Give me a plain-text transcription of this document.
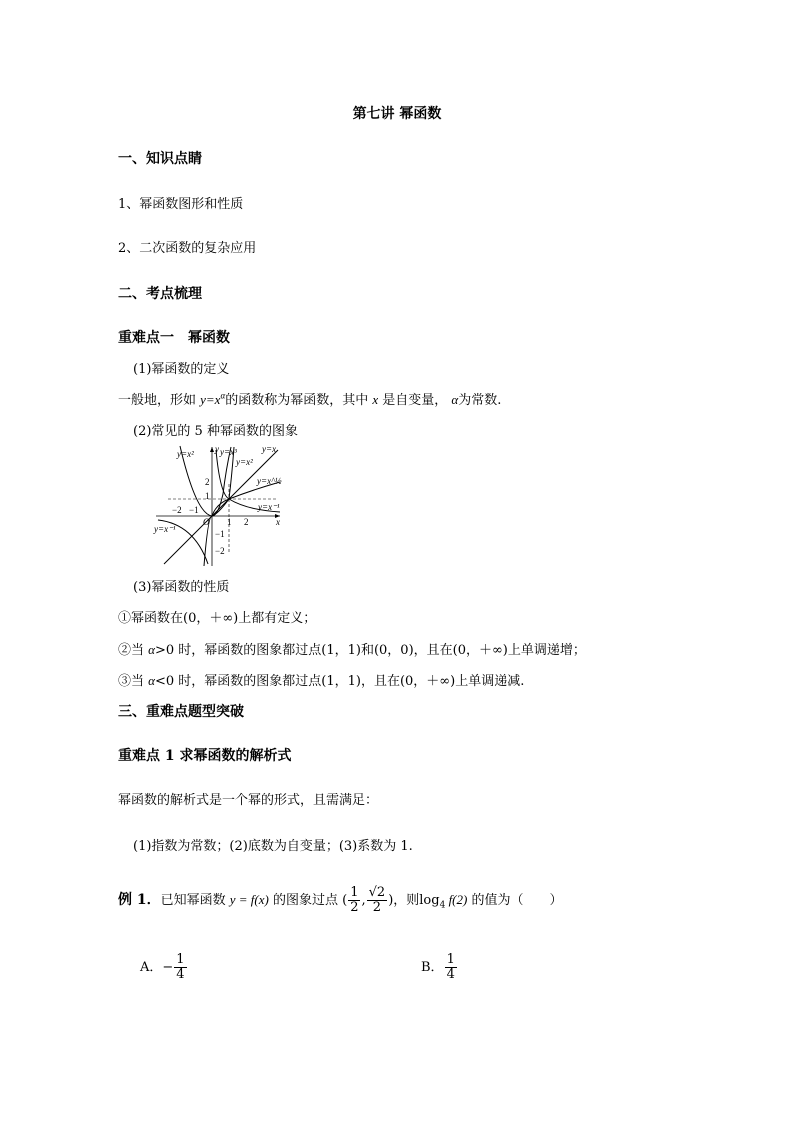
第七讲 幂函数
一、知识点睛
1、幂函数图形和性质
2、二次函数的复杂应用
二、考点梳理
重难点一　幂函数
(1)幂函数的定义
一般地，形如 $y=x^\alpha$的函数称为幂函数，其中 x 是自变量， α为常数.
(2)常见的 5 种幂函数的图象
y=x²	y=x³	y=x
y=x²
y=x^½
y=x⁻¹
y=x⁻¹
y
x
O
−2 −1
1 2
2
1
−1
−2
(3)幂函数的性质
①幂函数在(0，＋∞)上都有定义；
②当 α>0 时，幂函数的图象都过点(1，1)和(0，0)，且在(0，＋∞)上单调递增；
③当 α<0 时，幂函数的图象都过点(1，1)，且在(0，＋∞)上单调递减.
三、重难点题型突破
重难点 1 求幂函数的解析式
幂函数的解析式是一个幂的形式，且需满足：
(1)指数为常数；(2)底数为自变量；(3)系数为 1.
例 1．已知幂函数 y = f(x) 的图象过点 ( $\frac{1}{2}$ , $\frac{√2}{2}$ )，则$\log_4 f(2)$ 的值为（　　）
A．− $\frac{1}{4}$	B． $\frac{1}{4}$
